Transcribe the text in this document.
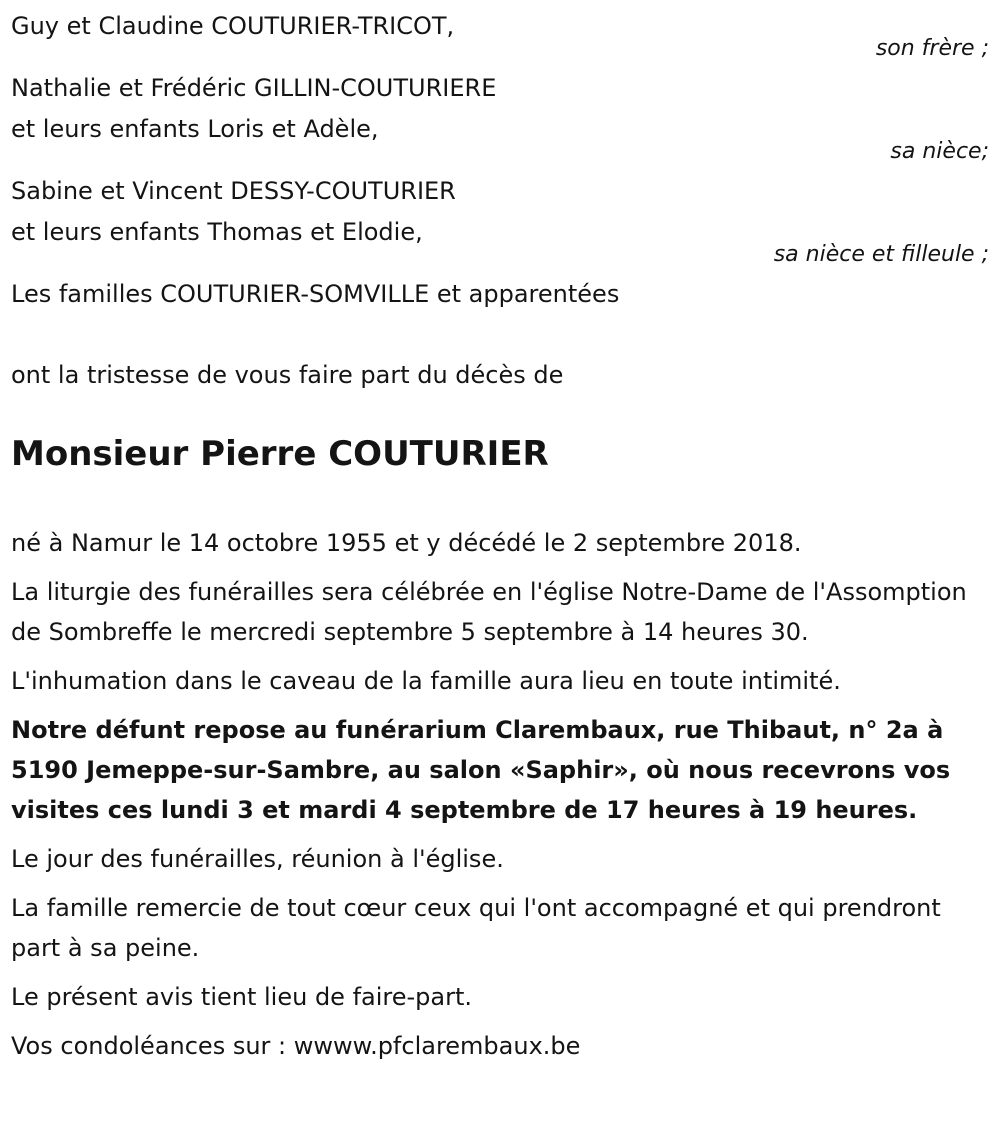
Guy et Claudine COUTURIER-TRICOT,
son frère ;
Nathalie et Frédéric GILLIN-COUTURIERE
et leurs enfants Loris et Adèle,
sa nièce;
Sabine et Vincent DESSY-COUTURIER
et leurs enfants Thomas et Elodie,
sa nièce et filleule ;
Les familles COUTURIER-SOMVILLE et apparentées
ont la tristesse de vous faire part du décès de
Monsieur Pierre COUTURIER
né à Namur le 14 octobre 1955 et y décédé le 2 septembre 2018.
La liturgie des funérailles sera célébrée en l'église Notre-Dame de l'Assomption de Sombreffe le mercredi septembre 5 septembre à 14 heures 30.
L'inhumation dans le caveau de la famille aura lieu en toute intimité.
Notre défunt repose au funérarium Clarembaux, rue Thibaut, n° 2a à 5190 Jemeppe-sur-Sambre, au salon «Saphir», où nous recevrons vos visites ces lundi 3 et mardi 4 septembre de 17 heures à 19 heures.
Le jour des funérailles, réunion à l'église.
La famille remercie de tout cœur ceux qui l'ont accompagné et qui prendront part à sa peine.
Le présent avis tient lieu de faire-part.
Vos condoléances sur : wwww.pfclarembaux.be
